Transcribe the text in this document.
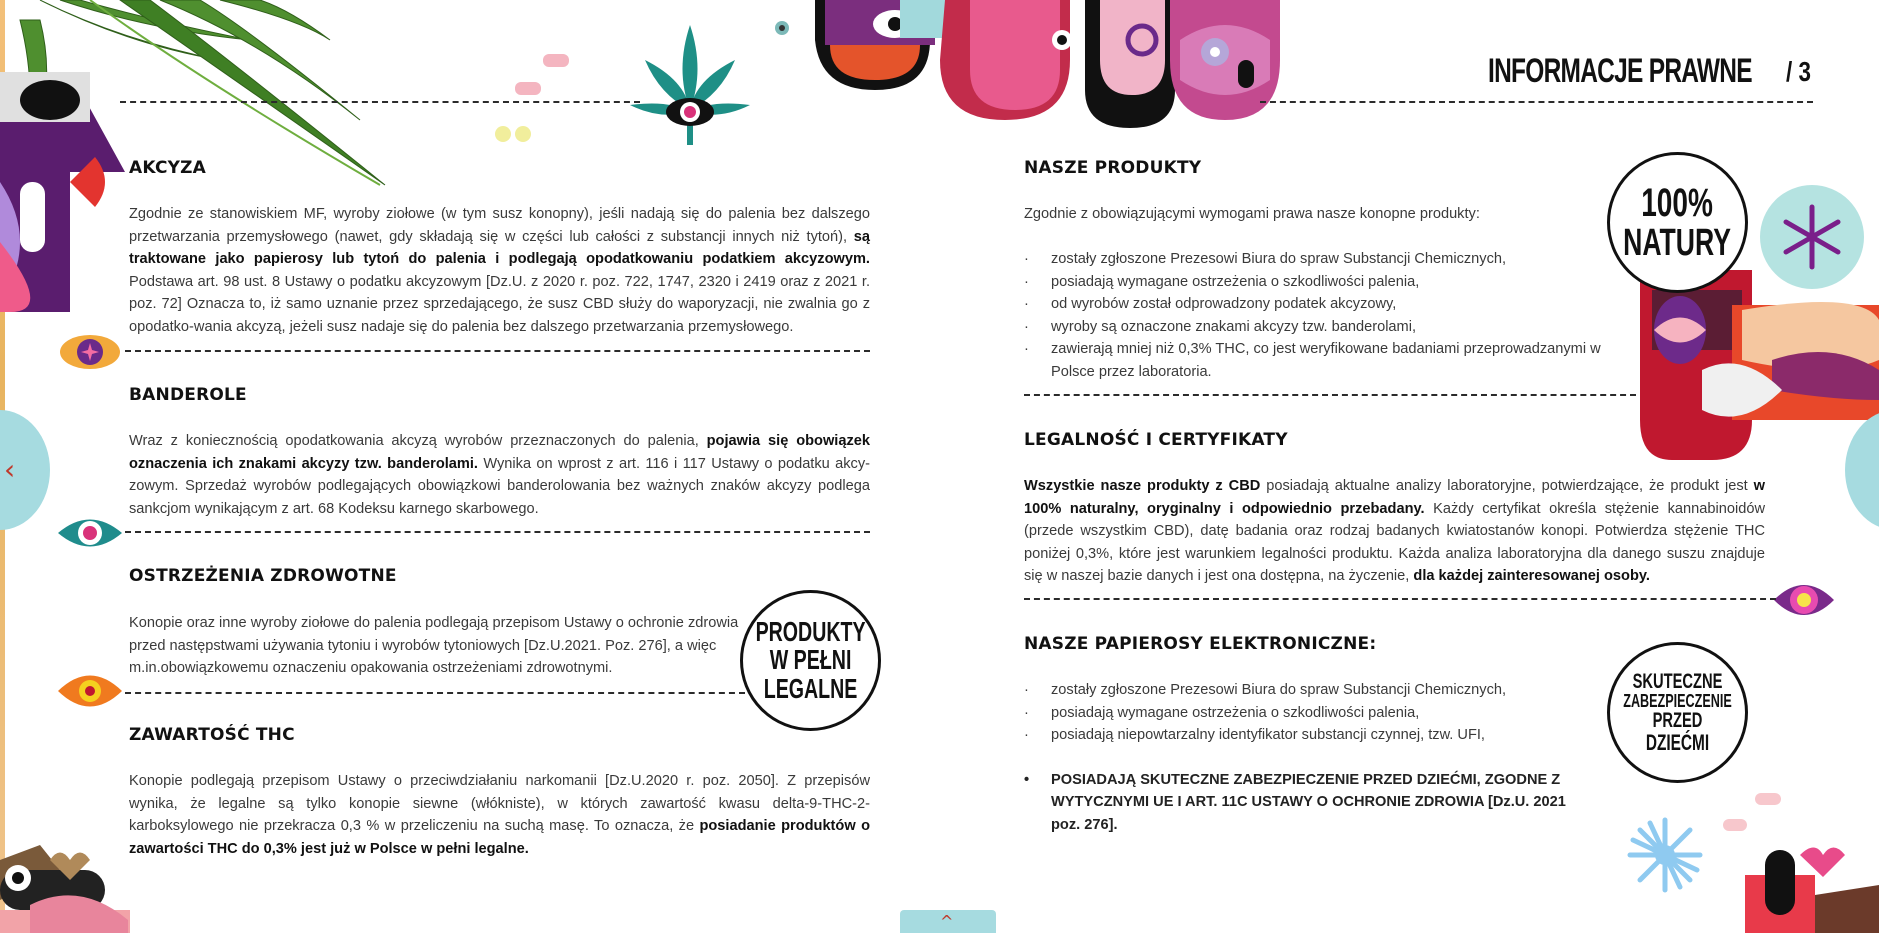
‹
^
INFORMACJE PRAWNE / 3
AKCYZA
Zgodnie ze stanowiskiem MF, wyroby ziołowe (w tym susz konopny), jeśli nadają się do palenia bez dalszego przetwarzania przemysłowego (nawet, gdy składają się w części lub całości z substancji innych niż tytoń), są traktowane jako papierosy lub tytoń do palenia i podlegają opodatkowaniu podatkiem akcyzowym. Podstawa art. 98 ust. 8 Ustawy o podatku akcyzowym [Dz.U. z 2020 r. poz. 722, 1747, 2320 i 2419 oraz z 2021 r. poz. 72] Oznacza to, iż samo uznanie przez sprzedającego, że susz CBD służy do waporyzacji, nie zwalnia go z opodatko-wania akcyzą, jeżeli susz nadaje się do palenia bez dalszego przetwarzania przemysłowego.
BANDEROLE
Wraz z koniecznością opodatkowania akcyzą wyrobów przeznaczonych do palenia, pojawia się obowiązek oznaczenia ich znakami akcyzy tzw. banderolami. Wynika on wprost z art. 116 i 117 Ustawy o podatku akcy-zowym. Sprzedaż wyrobów podlegających obowiązkowi banderolowania bez ważnych znaków akcyzy podlega sankcjom wynikającym z art. 68 Kodeksu karnego skarbowego.
OSTRZEŻENIA ZDROWOTNE
Konopie oraz inne wyroby ziołowe do palenia podlegają przepisom Ustawy o ochronie zdrowia przed następstwami używania tytoniu i wyrobów tytoniowych [Dz.U.2021. Poz. 276], a więc m.in.obowiązkowemu oznaczeniu opakowania ostrzeżeniami zdrowotnymi.
PRODUKTY
W PEŁNI
LEGALNE
ZAWARTOŚĆ THC
Konopie podlegają przepisom Ustawy o przeciwdziałaniu narkomanii [Dz.U.2020 r. poz. 2050]. Z przepisów wynika, że legalne są tylko konopie siewne (włókniste), w których zawartość kwasu delta-9-THC-2-karboksylowego nie przekracza 0,3 % w przeliczeniu na suchą masę. To oznacza, że posiadanie produktów o zawartości THC do 0,3% jest już w Polsce w pełni legalne.
NASZE PRODUKTY
Zgodnie z obowiązującymi wymogami prawa nasze konopne produkty:
· zostały zgłoszone Prezesowi Biura do spraw Substancji Chemicznych,
· posiadają wymagane ostrzeżenia o szkodliwości palenia,
· od wyrobów został odprowadzony podatek akcyzowy,
· wyroby są oznaczone znakami akcyzy tzw. banderolami,
· zawierają mniej niż 0,3% THC, co jest weryfikowane badaniami przeprowadzanymi w Polsce przez laboratoria.
100%
NATURY
LEGALNOŚĆ I CERTYFIKATY
Wszystkie nasze produkty z CBD posiadają aktualne analizy laboratoryjne, potwierdzające, że produkt jest w 100% naturalny, oryginalny i odpowiednio przebadany. Każdy certyfikat określa stężenie kannabinoidów (przede wszystkim CBD), datę badania oraz rodzaj badanych kwiatostanów konopi. Potwierdza stężenie THC poniżej 0,3%, które jest warunkiem legalności produktu. Każda analiza laboratoryjna dla danego suszu znajduje się w naszej bazie danych i jest ona dostępna, na życzenie, dla każdej zainteresowanej osoby.
NASZE PAPIEROSY ELEKTRONICZNE:
· zostały zgłoszone Prezesowi Biura do spraw Substancji Chemicznych,
· posiadają wymagane ostrzeżenia o szkodliwości palenia,
· posiadają niepowtarzalny identyfikator substancji czynnej, tzw. UFI,
• POSIADAJĄ SKUTECZNE ZABEZPIECZENIE PRZED DZIEĆMI, ZGODNE Z WYTYCZNYMI UE I ART. 11C USTAWY O OCHRONIE ZDROWIA [Dz.U. 2021 poz. 276].
SKUTECZNE
ZABEZPIECZENIE
PRZED
DZIEĆMI
